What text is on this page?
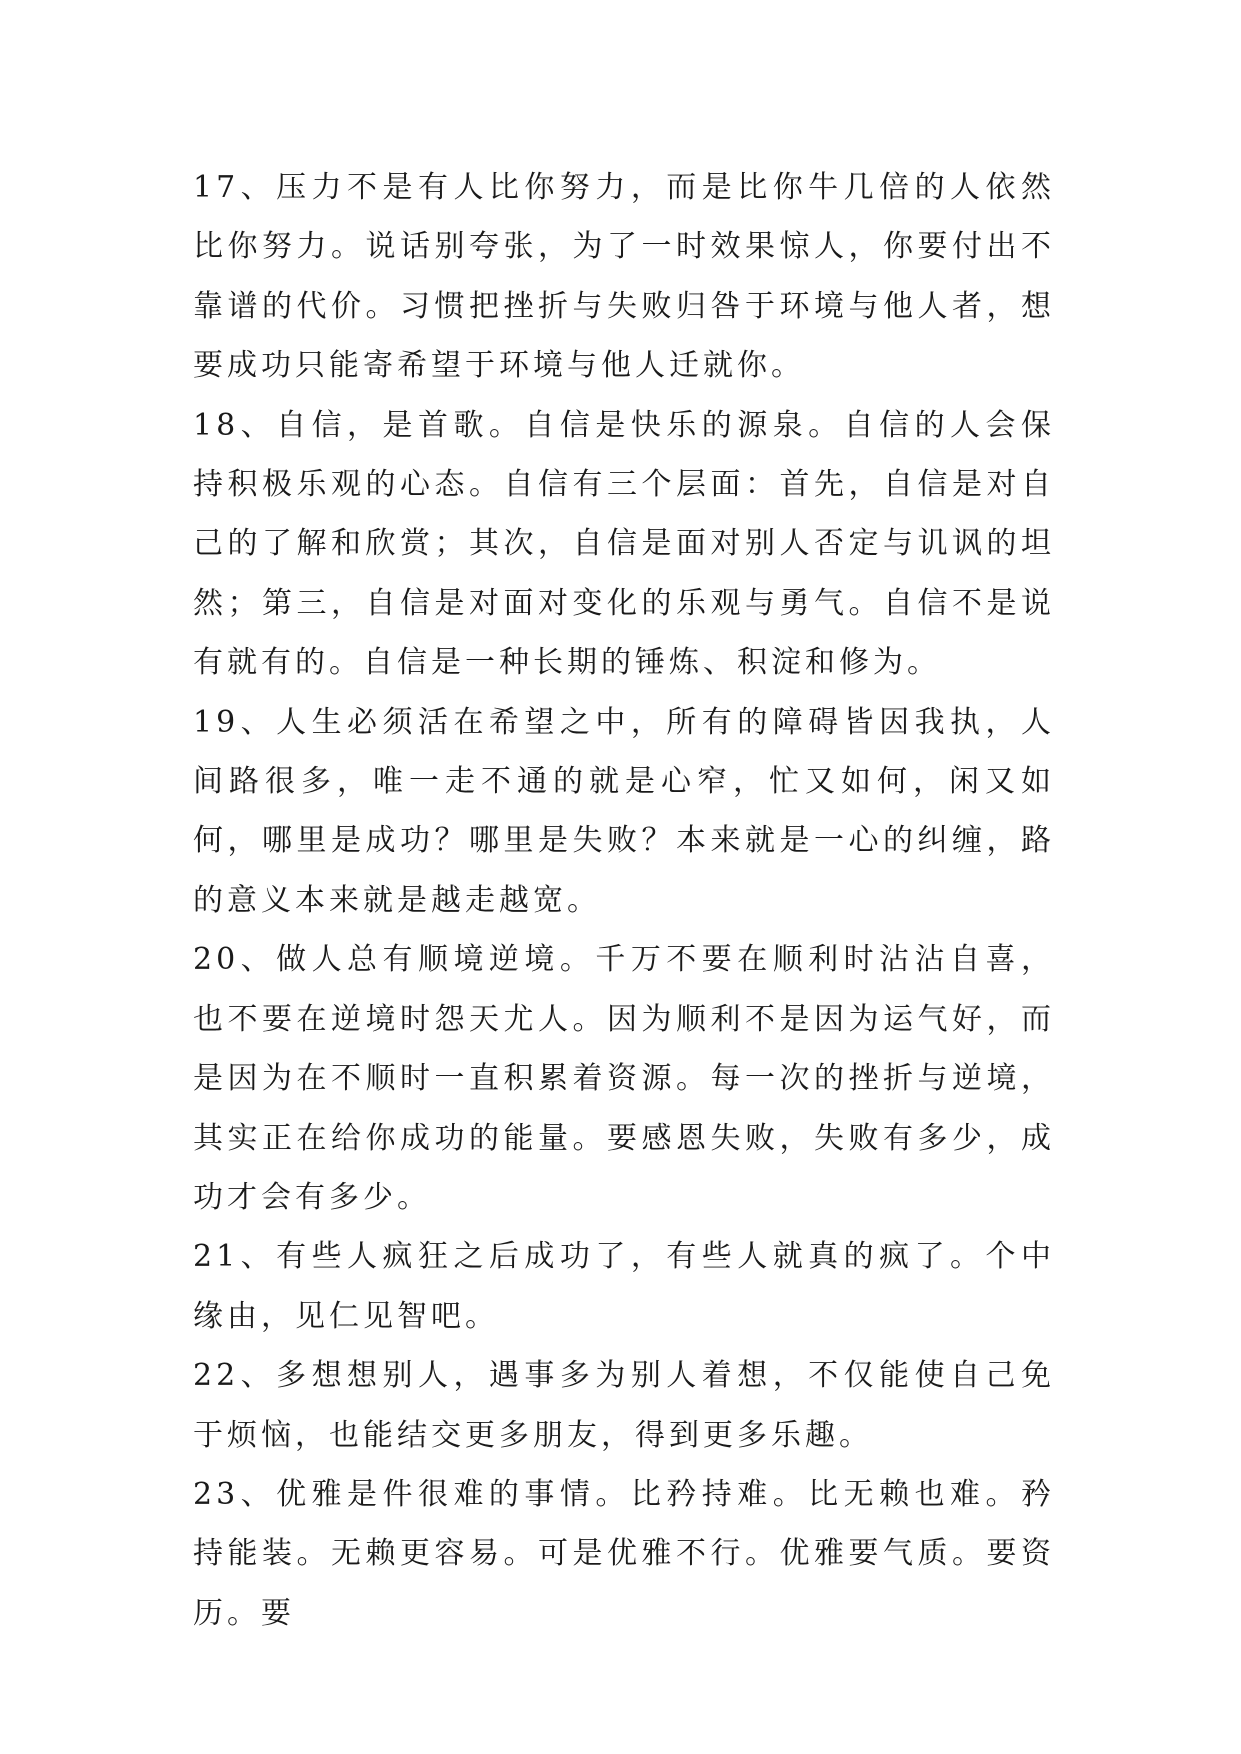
17、压力不是有人比你努力，而是比你牛几倍的人依然比你努力。说话别夸张，为了一时效果惊人，你要付出不靠谱的代价。习惯把挫折与失败归咎于环境与他人者，想要成功只能寄希望于环境与他人迁就你。

18、自信，是首歌。自信是快乐的源泉。自信的人会保持积极乐观的心态。自信有三个层面：首先，自信是对自己的了解和欣赏；其次，自信是面对别人否定与讥讽的坦然；第三，自信是对面对变化的乐观与勇气。自信不是说有就有的。自信是一种长期的锤炼、积淀和修为。

19、人生必须活在希望之中，所有的障碍皆因我执，人间路很多，唯一走不通的就是心窄，忙又如何，闲又如何，哪里是成功？哪里是失败？本来就是一心的纠缠，路的意义本来就是越走越宽。

20、做人总有顺境逆境。千万不要在顺利时沾沾自喜，也不要在逆境时怨天尤人。因为顺利不是因为运气好，而是因为在不顺时一直积累着资源。每一次的挫折与逆境，其实正在给你成功的能量。要感恩失败，失败有多少，成功才会有多少。

21、有些人疯狂之后成功了，有些人就真的疯了。个中缘由，见仁见智吧。

22、多想想别人，遇事多为别人着想，不仅能使自己免于烦恼，也能结交更多朋友，得到更多乐趣。

23、优雅是件很难的事情。比矜持难。比无赖也难。矜持能装。无赖更容易。可是优雅不行。优雅要气质。要资历。要
